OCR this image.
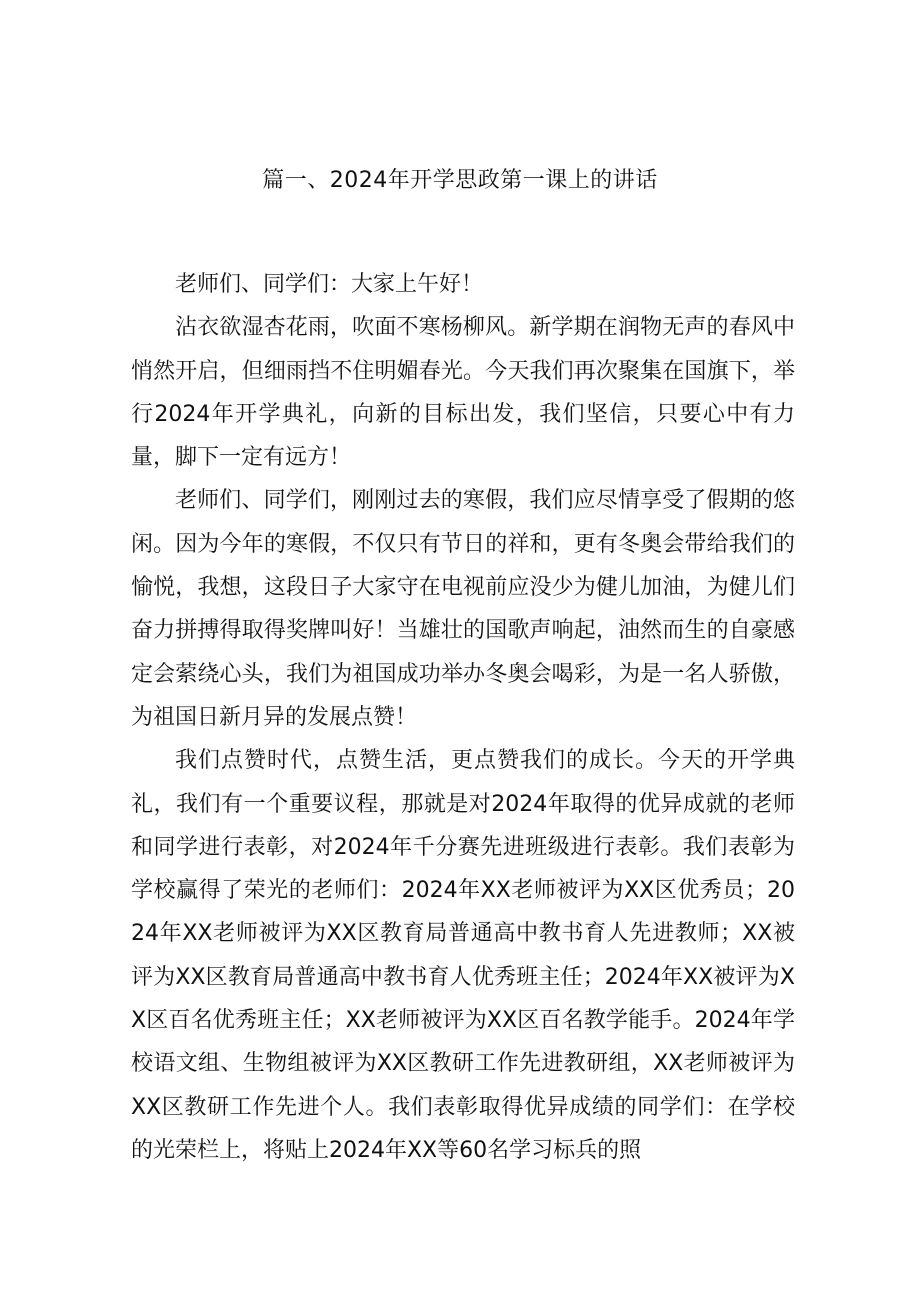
篇一、2024年开学思政第一课上的讲话

老师们、同学们：大家上午好！

沾衣欲湿杏花雨，吹面不寒杨柳风。新学期在润物无声的春风中悄然开启，但细雨挡不住明媚春光。今天我们再次聚集在国旗下，举行2024年开学典礼，向新的目标出发，我们坚信，只要心中有力量，脚下一定有远方！

老师们、同学们，刚刚过去的寒假，我们应尽情享受了假期的悠闲。因为今年的寒假，不仅只有节日的祥和，更有冬奥会带给我们的愉悦，我想，这段日子大家守在电视前应没少为健儿加油，为健儿们奋力拼搏得取得奖牌叫好！当雄壮的国歌声响起，油然而生的自豪感定会萦绕心头，我们为祖国成功举办冬奥会喝彩，为是一名人骄傲，为祖国日新月异的发展点赞！

我们点赞时代，点赞生活，更点赞我们的成长。今天的开学典礼，我们有一个重要议程，那就是对2024年取得的优异成就的老师和同学进行表彰，对2024年千分赛先进班级进行表彰。我们表彰为学校赢得了荣光的老师们：2024年XX老师被评为XX区优秀员；2024年XX老师被评为XX区教育局普通高中教书育人先进教师；XX被评为XX区教育局普通高中教书育人优秀班主任；2024年XX被评为XX区百名优秀班主任；XX老师被评为XX区百名教学能手。2024年学校语文组、生物组被评为XX区教研工作先进教研组，XX老师被评为XX区教研工作先进个人。我们表彰取得优异成绩的同学们：在学校的光荣栏上，将贴上2024年XX等60名学习标兵的照
